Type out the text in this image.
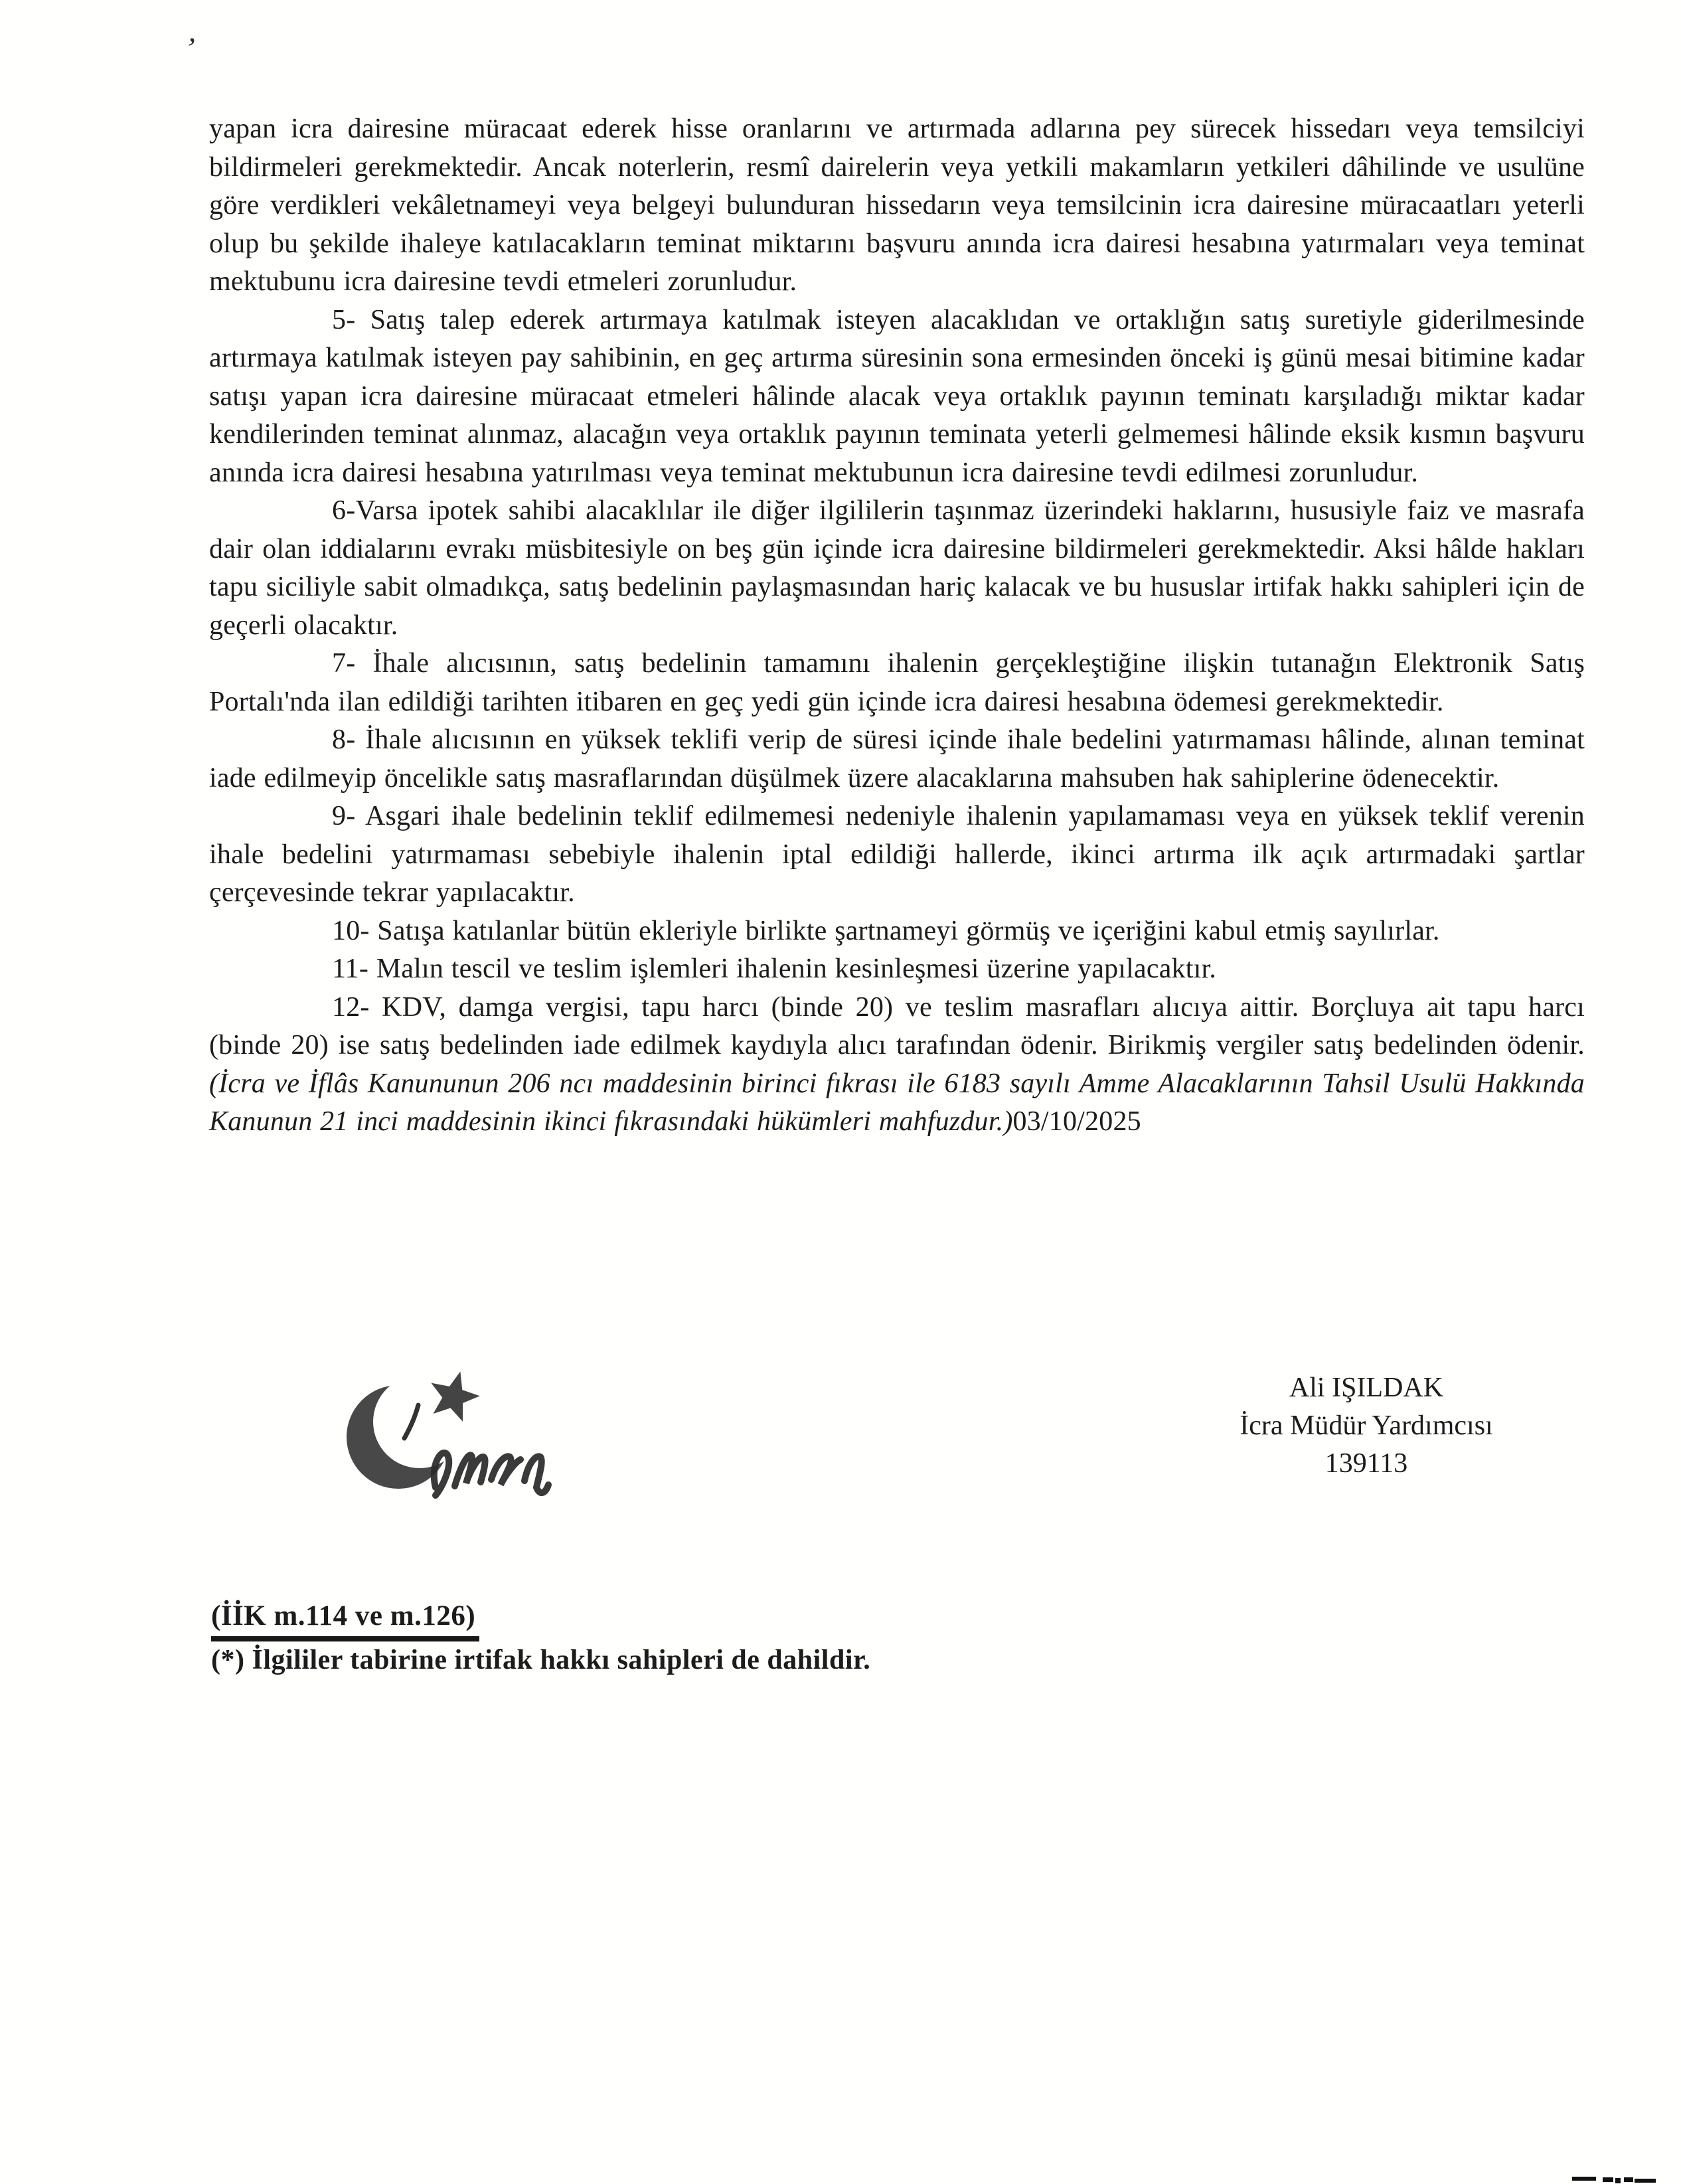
’

yapan icra dairesine müracaat ederek hisse oranlarını ve artırmada adlarına pey sürecek hissedarı veya temsilciyi bildirmeleri gerekmektedir. Ancak noterlerin, resmî dairelerin veya yetkili makamların yetkileri dâhilinde ve usulüne göre verdikleri vekâletnameyi veya belgeyi bulunduran hissedarın veya temsilcinin icra dairesine müracaatları yeterli olup bu şekilde ihaleye katılacakların teminat miktarını başvuru anında icra dairesi hesabına yatırmaları veya teminat mektubunu icra dairesine tevdi etmeleri zorunludur.

5- Satış talep ederek artırmaya katılmak isteyen alacaklıdan ve ortaklığın satış suretiyle giderilmesinde artırmaya katılmak isteyen pay sahibinin, en geç artırma süresinin sona ermesinden önceki iş günü mesai bitimine kadar satışı yapan icra dairesine müracaat etmeleri hâlinde alacak veya ortaklık payının teminatı karşıladığı miktar kadar kendilerinden teminat alınmaz, alacağın veya ortaklık payının teminata yeterli gelmemesi hâlinde eksik kısmın başvuru anında icra dairesi hesabına yatırılması veya teminat mektubunun icra dairesine tevdi edilmesi zorunludur.

6-Varsa ipotek sahibi alacaklılar ile diğer ilgililerin taşınmaz üzerindeki haklarını, hususiyle faiz ve masrafa dair olan iddialarını evrakı müsbitesiyle on beş gün içinde icra dairesine bildirmeleri gerekmektedir. Aksi hâlde hakları tapu siciliyle sabit olmadıkça, satış bedelinin paylaşmasından hariç kalacak ve bu hususlar irtifak hakkı sahipleri için de geçerli olacaktır.

7- İhale alıcısının, satış bedelinin tamamını ihalenin gerçekleştiğine ilişkin tutanağın Elektronik Satış Portalı'nda ilan edildiği tarihten itibaren en geç yedi gün içinde icra dairesi hesabına ödemesi gerekmektedir.

8- İhale alıcısının en yüksek teklifi verip de süresi içinde ihale bedelini yatırmaması hâlinde, alınan teminat iade edilmeyip öncelikle satış masraflarından düşülmek üzere alacaklarına mahsuben hak sahiplerine ödenecektir.

9- Asgari ihale bedelinin teklif edilmemesi nedeniyle ihalenin yapılamaması veya en yüksek teklif verenin ihale bedelini yatırmaması sebebiyle ihalenin iptal edildiği hallerde, ikinci artırma ilk açık artırmadaki şartlar çerçevesinde tekrar yapılacaktır.

10- Satışa katılanlar bütün ekleriyle birlikte şartnameyi görmüş ve içeriğini kabul etmiş sayılırlar.

11- Malın tescil ve teslim işlemleri ihalenin kesinleşmesi üzerine yapılacaktır.

12- KDV, damga vergisi, tapu harcı (binde 20) ve teslim masrafları alıcıya aittir. Borçluya ait tapu harcı (binde 20) ise satış bedelinden iade edilmek kaydıyla alıcı tarafından ödenir. Birikmiş vergiler satış bedelinden ödenir. (İcra ve İflâs Kanununun 206 ncı maddesinin birinci fıkrası ile 6183 sayılı Amme Alacaklarının Tahsil Usulü Hakkında Kanunun 21 inci maddesinin ikinci fıkrasındaki hükümleri mahfuzdur.)03/10/2025

Ali IŞILDAK
İcra Müdür Yardımcısı
139113
(İİK m.114 ve m.126)
(*) İlgililer tabirine irtifak hakkı sahipleri de dahildir.
